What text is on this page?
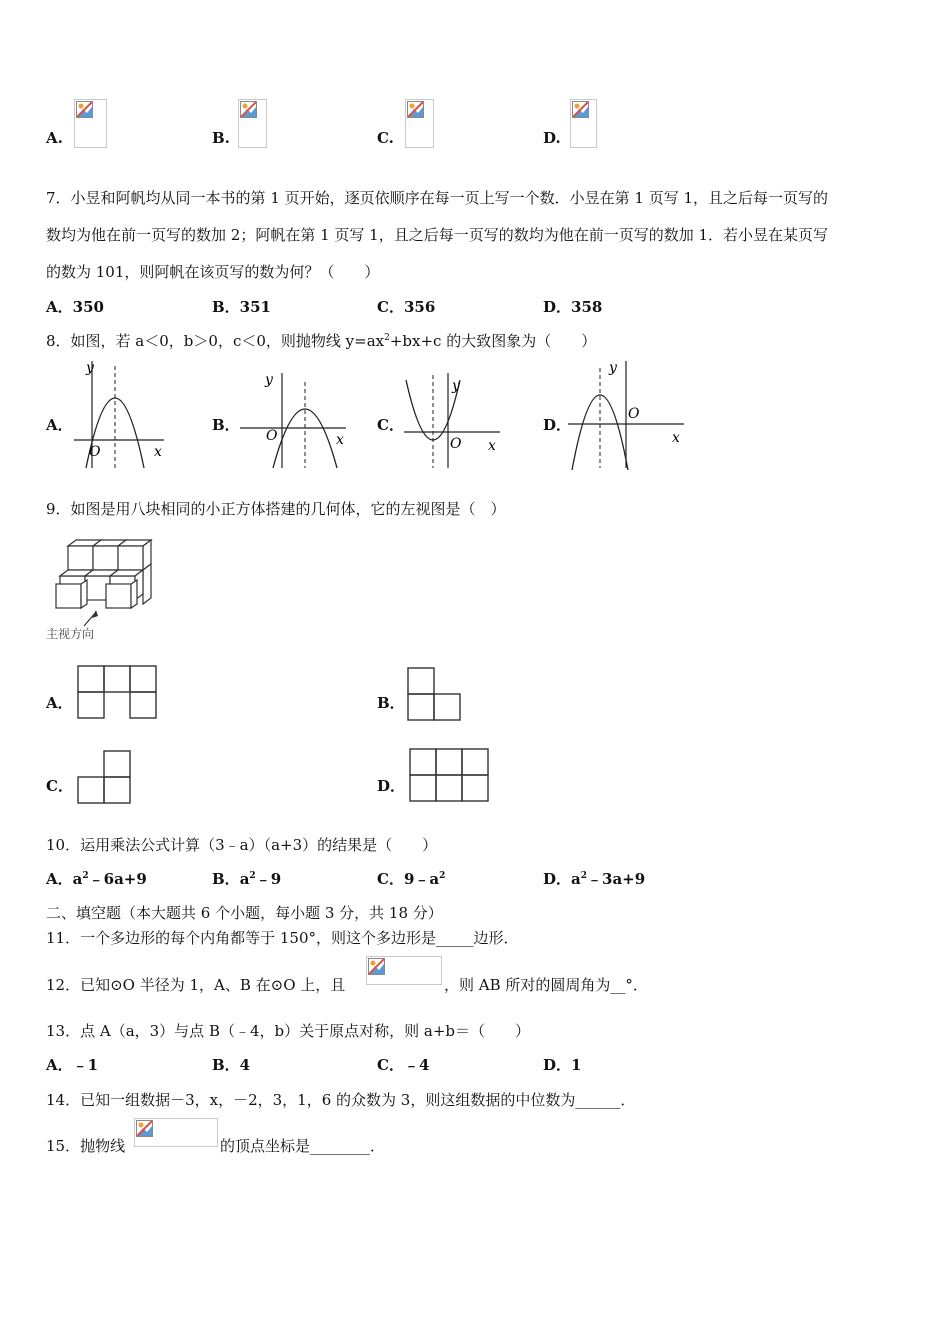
A.	B.	C.	D.
7．小昱和阿帆均从同一本书的第 1 页开始，逐页依顺序在每一页上写一个数．小昱在第 1 页写 1，且之后每一页写的
数均为他在前一页写的数加 2；阿帆在第 1 页写 1，且之后每一页写的数均为他在前一页写的数加 1．若小昱在某页写
的数为 101，则阿帆在该页写的数为何？（　　）
A．350	B．351	C．356	D．358
8．如图，若 a＜0，b＞0，c＜0，则抛物线 $y=ax^2+bx+c$ 的大致图象为（　　）
A．
y
x
O
B．
y
x
O
C．
y
x
O
D．
y
x
O
9．如图是用八块相同的小正方体搭建的几何体，它的左视图是（　）
主视方向
A．	B．
C．	D．
10．运用乘法公式计算（3﹣a）（a+3）的结果是（　　）
A．$a^2﹣6a+9$	B．$a^2﹣9$	C．$9﹣a^2$	D．$a^2﹣3a+9$
二、填空题（本大题共 6 个小题，每小题 3 分，共 18 分）
11．一个多边形的每个内角都等于 150°，则这个多边形是_____边形．
12．已知⊙O 半径为 1，A、B 在⊙O 上，且	，则 AB 所对的圆周角为__°．
13．点 A（a，3）与点 B（﹣4，b）关于原点对称，则 a+b＝（　　）
A．﹣1	B．4	C．﹣4	D．1
14．已知一组数据－3，x，－2，3，1，6 的众数为 3，则这组数据的中位数为______．
15．抛物线	的顶点坐标是________．
